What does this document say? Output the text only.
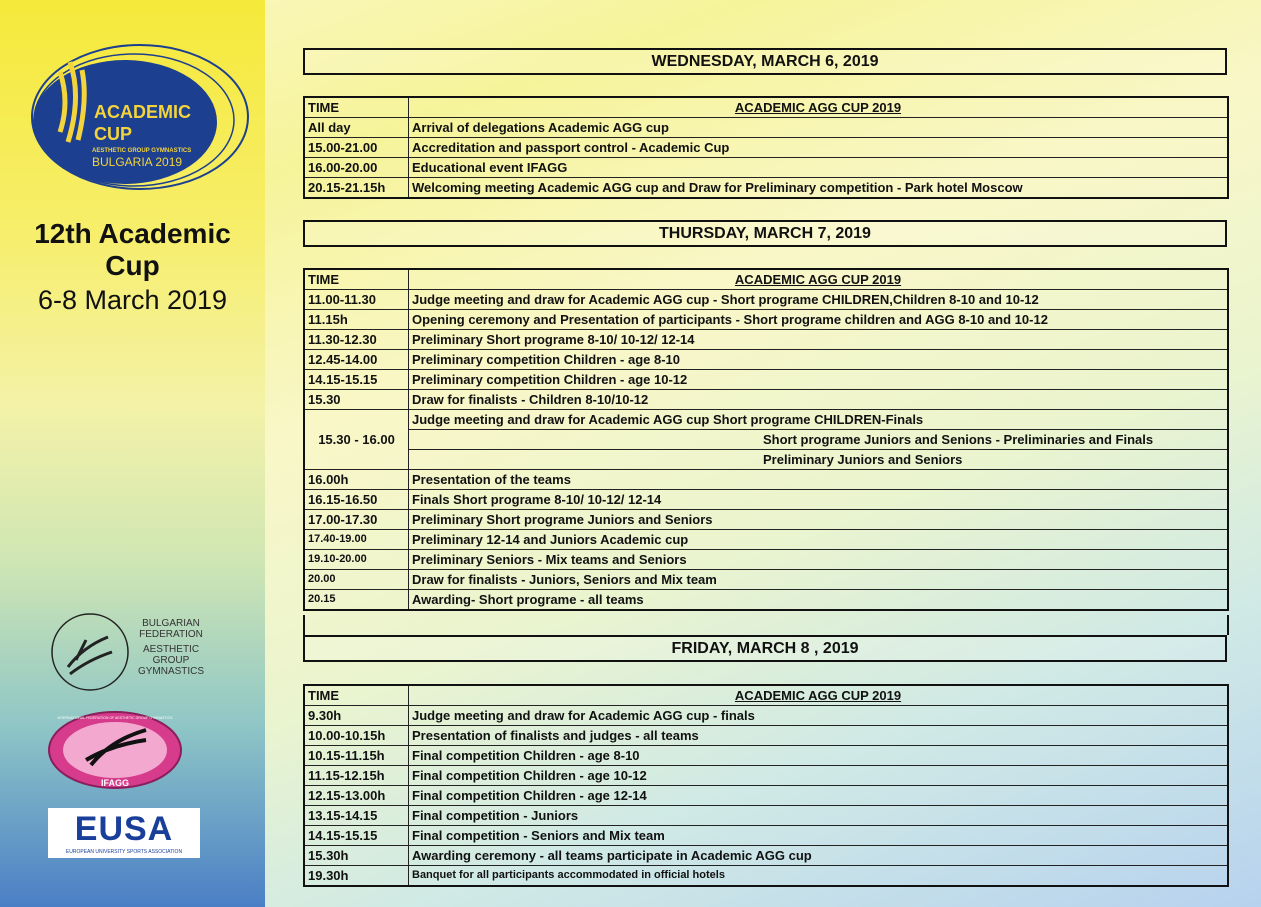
ACADEMIC
CUP
AESTHETIC GROUP GYMNASTICS
BULGARIA 2019
12th Academic
Cup
6-8 March 2019
BULGARIAN
FEDERATION
AESTHETIC
GROUP
GYMNASTICS
IFAGG
INTERNATIONAL FEDERATION OF AESTHETIC GROUP GYMNASTICS
EUSA
EUROPEAN UNIVERSITY SPORTS ASSOCIATION
WEDNESDAY, MARCH 6, 2019
TIME	ACADEMIC AGG CUP 2019
All day	Arrival of delegations Academic AGG cup
15.00-21.00	Accreditation and passport control - Academic Cup
16.00-20.00	Educational event IFAGG
20.15-21.15h	Welcoming meeting Academic AGG cup and Draw for Preliminary competition - Park hotel Moscow
THURSDAY, MARCH 7, 2019
TIME	ACADEMIC AGG CUP 2019
11.00-11.30	Judge meeting and draw for Academic AGG cup - Short programe CHILDREN,Children 8-10 and 10-12
11.15h	Opening ceremony and Presentation of participants - Short programe children and AGG 8-10 and 10-12
11.30-12.30	Preliminary Short programe 8-10/ 10-12/ 12-14
12.45-14.00	Preliminary competition Children - age 8-10
14.15-15.15	Preliminary competition Children - age 10-12
15.30	Draw for finalists - Children 8-10/10-12
15.30 - 16.00	Judge meeting and draw for Academic AGG cup Short programe CHILDREN-Finals
	Short programe Juniors and Senions - Preliminaries and Finals
	Preliminary Juniors and Seniors
16.00h	Presentation of the teams
16.15-16.50	Finals Short programe 8-10/ 10-12/ 12-14
17.00-17.30	Preliminary Short programe Juniors and Seniors
17.40-19.00	Preliminary 12-14 and Juniors Academic cup
19.10-20.00	Preliminary Seniors - Mix teams and Seniors
20.00	Draw for finalists - Juniors, Seniors and Mix team
20.15	Awarding- Short programe - all teams
FRIDAY, MARCH 8 , 2019
TIME	ACADEMIC AGG CUP 2019
9.30h	Judge meeting and draw for Academic AGG cup - finals
10.00-10.15h	Presentation of finalists and judges - all teams
10.15-11.15h	Final competition Children - age 8-10
11.15-12.15h	Final competition Children - age 10-12
12.15-13.00h	Final competition Children - age 12-14
13.15-14.15	Final competition - Juniors
14.15-15.15	Final competition - Seniors and Mix team
15.30h	Awarding ceremony - all teams participate in Academic AGG cup
19.30h	Banquet for all participants accommodated in official hotels
